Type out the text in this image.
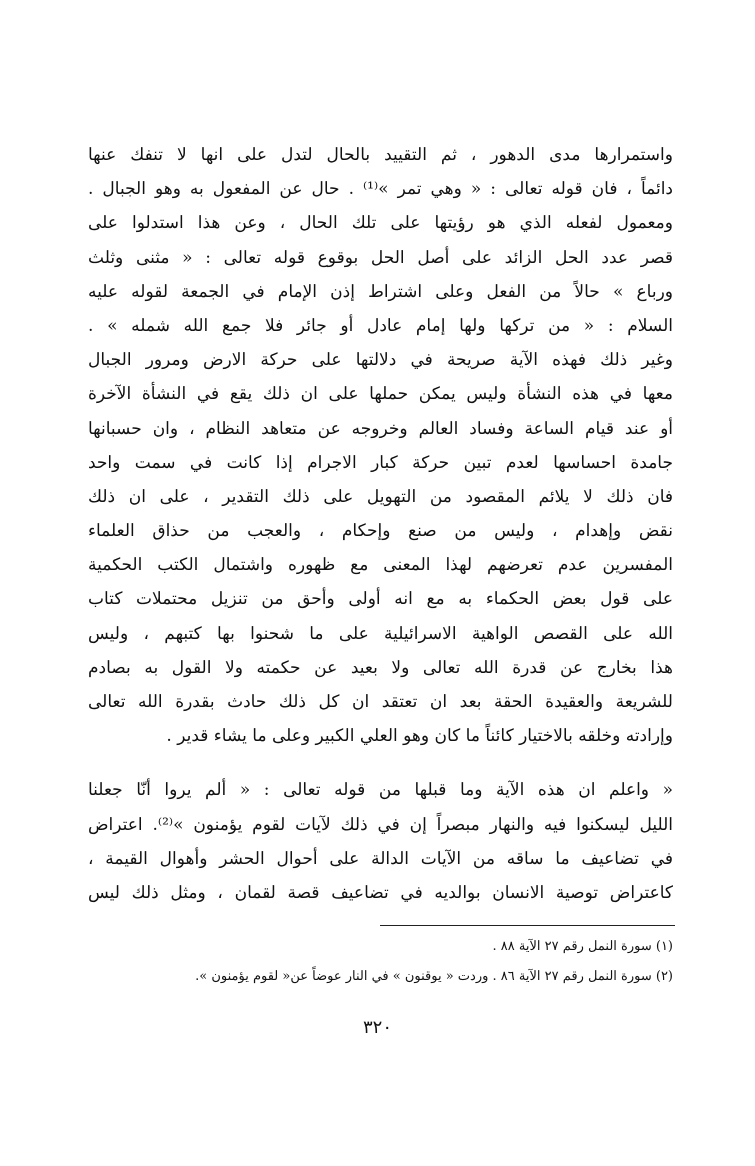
واستمرارها مدى الدهور ، ثم التقييد بالحال لتدل على انها لا تنفك عنها
دائماً ، فان قوله تعالى : « وهي تمر »⁽¹⁾ . حال عن المفعول به وهو الجبال .
ومعمول لفعله الذي هو رؤيتها على تلك الحال ، وعن هذا استدلوا على
قصر عدد الحل الزائد على أصل الحل بوقوع قوله تعالى : « مثنى وثلث
ورباع » حالاً من الفعل وعلى اشتراط إذن الإمام في الجمعة لقوله عليه
السلام : « من تركها ولها إمام عادل أو جائر فلا جمع الله شمله » .
وغير ذلك فهذه الآية صريحة في دلالتها على حركة الارض ومرور الجبال
معها في هذه النشأة وليس يمكن حملها على ان ذلك يقع في النشأة الآخرة
أو عند قيام الساعة وفساد العالم وخروجه عن متعاهد النظام ، وان حسبانها
جامدة احساسها لعدم تبين حركة كبار الاجرام إذا كانت في سمت واحد
فان ذلك لا يلائم المقصود من التهويل على ذلك التقدير ، على ان ذلك
نقض وإهدام ، وليس من صنع وإحكام ، والعجب من حذاق العلماء
المفسرين عدم تعرضهم لهذا المعنى مع ظهوره واشتمال الكتب الحكمية
على قول بعض الحكماء به مع انه أولى وأحق من تنزيل محتملات كتاب
الله على القصص الواهية الاسرائيلية على ما شحنوا بها كتبهم ، وليس
هذا بخارج عن قدرة الله تعالى ولا بعيد عن حكمته ولا القول به بصادم
للشريعة والعقيدة الحقة بعد ان تعتقد ان كل ذلك حادث بقدرة الله تعالى
وإرادته وخلقه بالاختيار كائناً ما كان وهو العلي الكبير وعلى ما يشاء قدير .
« واعلم ان هذه الآية وما قبلها من قوله تعالى : « ألم يروا أنّا جعلنا
الليل ليسكنوا فيه والنهار مبصراً إن في ذلك لآيات لقوم يؤمنون »⁽²⁾. اعتراض
في تضاعيف ما ساقه من الآيات الدالة على أحوال الحشر وأهوال القيمة ،
كاعتراض توصية الانسان بوالديه في تضاعيف قصة لقمان ، ومثل ذلك ليس
(١) سورة النمل رقم ٢٧ الآية ٨٨ .
(٢) سورة النمل رقم ٢٧ الآية ٨٦ . وردت « يوقنون » في النار عوضاً عن« لقوم يؤمنون ».
٣٢٠
